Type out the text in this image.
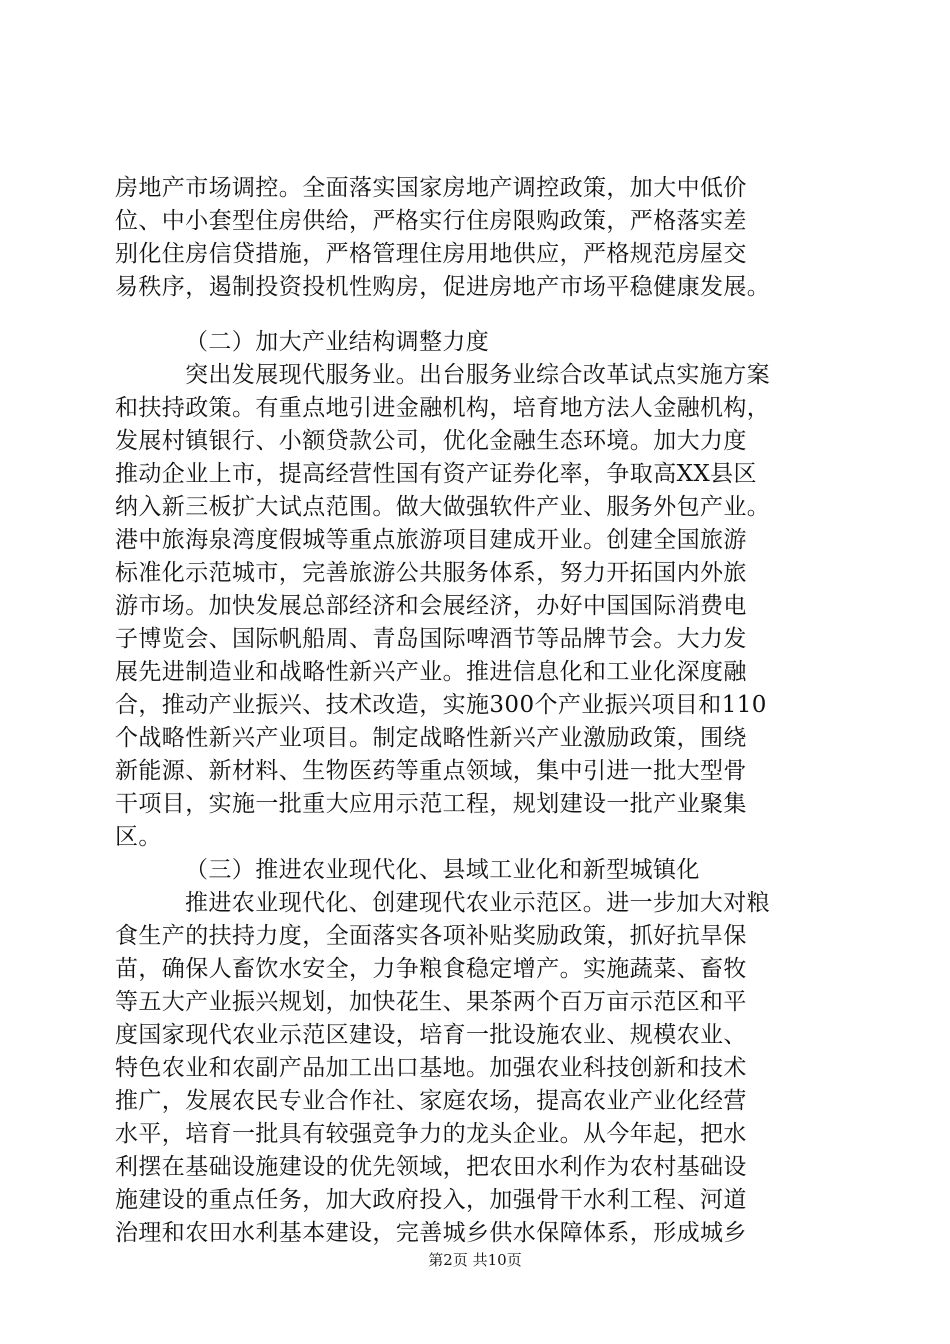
房地产市场调控。全面落实国家房地产调控政策，加大中低价
位、中小套型住房供给，严格实行住房限购政策，严格落实差
别化住房信贷措施，严格管理住房用地供应，严格规范房屋交
易秩序，遏制投资投机性购房，促进房地产市场平稳健康发展。
（二）加大产业结构调整力度
突出发展现代服务业。出台服务业综合改革试点实施方案
和扶持政策。有重点地引进金融机构，培育地方法人金融机构，
发展村镇银行、小额贷款公司，优化金融生态环境。加大力度
推动企业上市，提高经营性国有资产证券化率，争取高XX县区
纳入新三板扩大试点范围。做大做强软件产业、服务外包产业。
港中旅海泉湾度假城等重点旅游项目建成开业。创建全国旅游
标准化示范城市，完善旅游公共服务体系，努力开拓国内外旅
游市场。加快发展总部经济和会展经济，办好中国国际消费电
子博览会、国际帆船周、青岛国际啤酒节等品牌节会。大力发
展先进制造业和战略性新兴产业。推进信息化和工业化深度融
合，推动产业振兴、技术改造，实施300个产业振兴项目和110
个战略性新兴产业项目。制定战略性新兴产业激励政策，围绕
新能源、新材料、生物医药等重点领域，集中引进一批大型骨
干项目，实施一批重大应用示范工程，规划建设一批产业聚集
区。
（三）推进农业现代化、县域工业化和新型城镇化
推进农业现代化、创建现代农业示范区。进一步加大对粮
食生产的扶持力度，全面落实各项补贴奖励政策，抓好抗旱保
苗，确保人畜饮水安全，力争粮食稳定增产。实施蔬菜、畜牧
等五大产业振兴规划，加快花生、果茶两个百万亩示范区和平
度国家现代农业示范区建设，培育一批设施农业、规模农业、
特色农业和农副产品加工出口基地。加强农业科技创新和技术
推广，发展农民专业合作社、家庭农场，提高农业产业化经营
水平，培育一批具有较强竞争力的龙头企业。从今年起，把水
利摆在基础设施建设的优先领域，把农田水利作为农村基础设
施建设的重点任务，加大政府投入，加强骨干水利工程、河道
治理和农田水利基本建设，完善城乡供水保障体系，形成城乡
第2页 共10页
